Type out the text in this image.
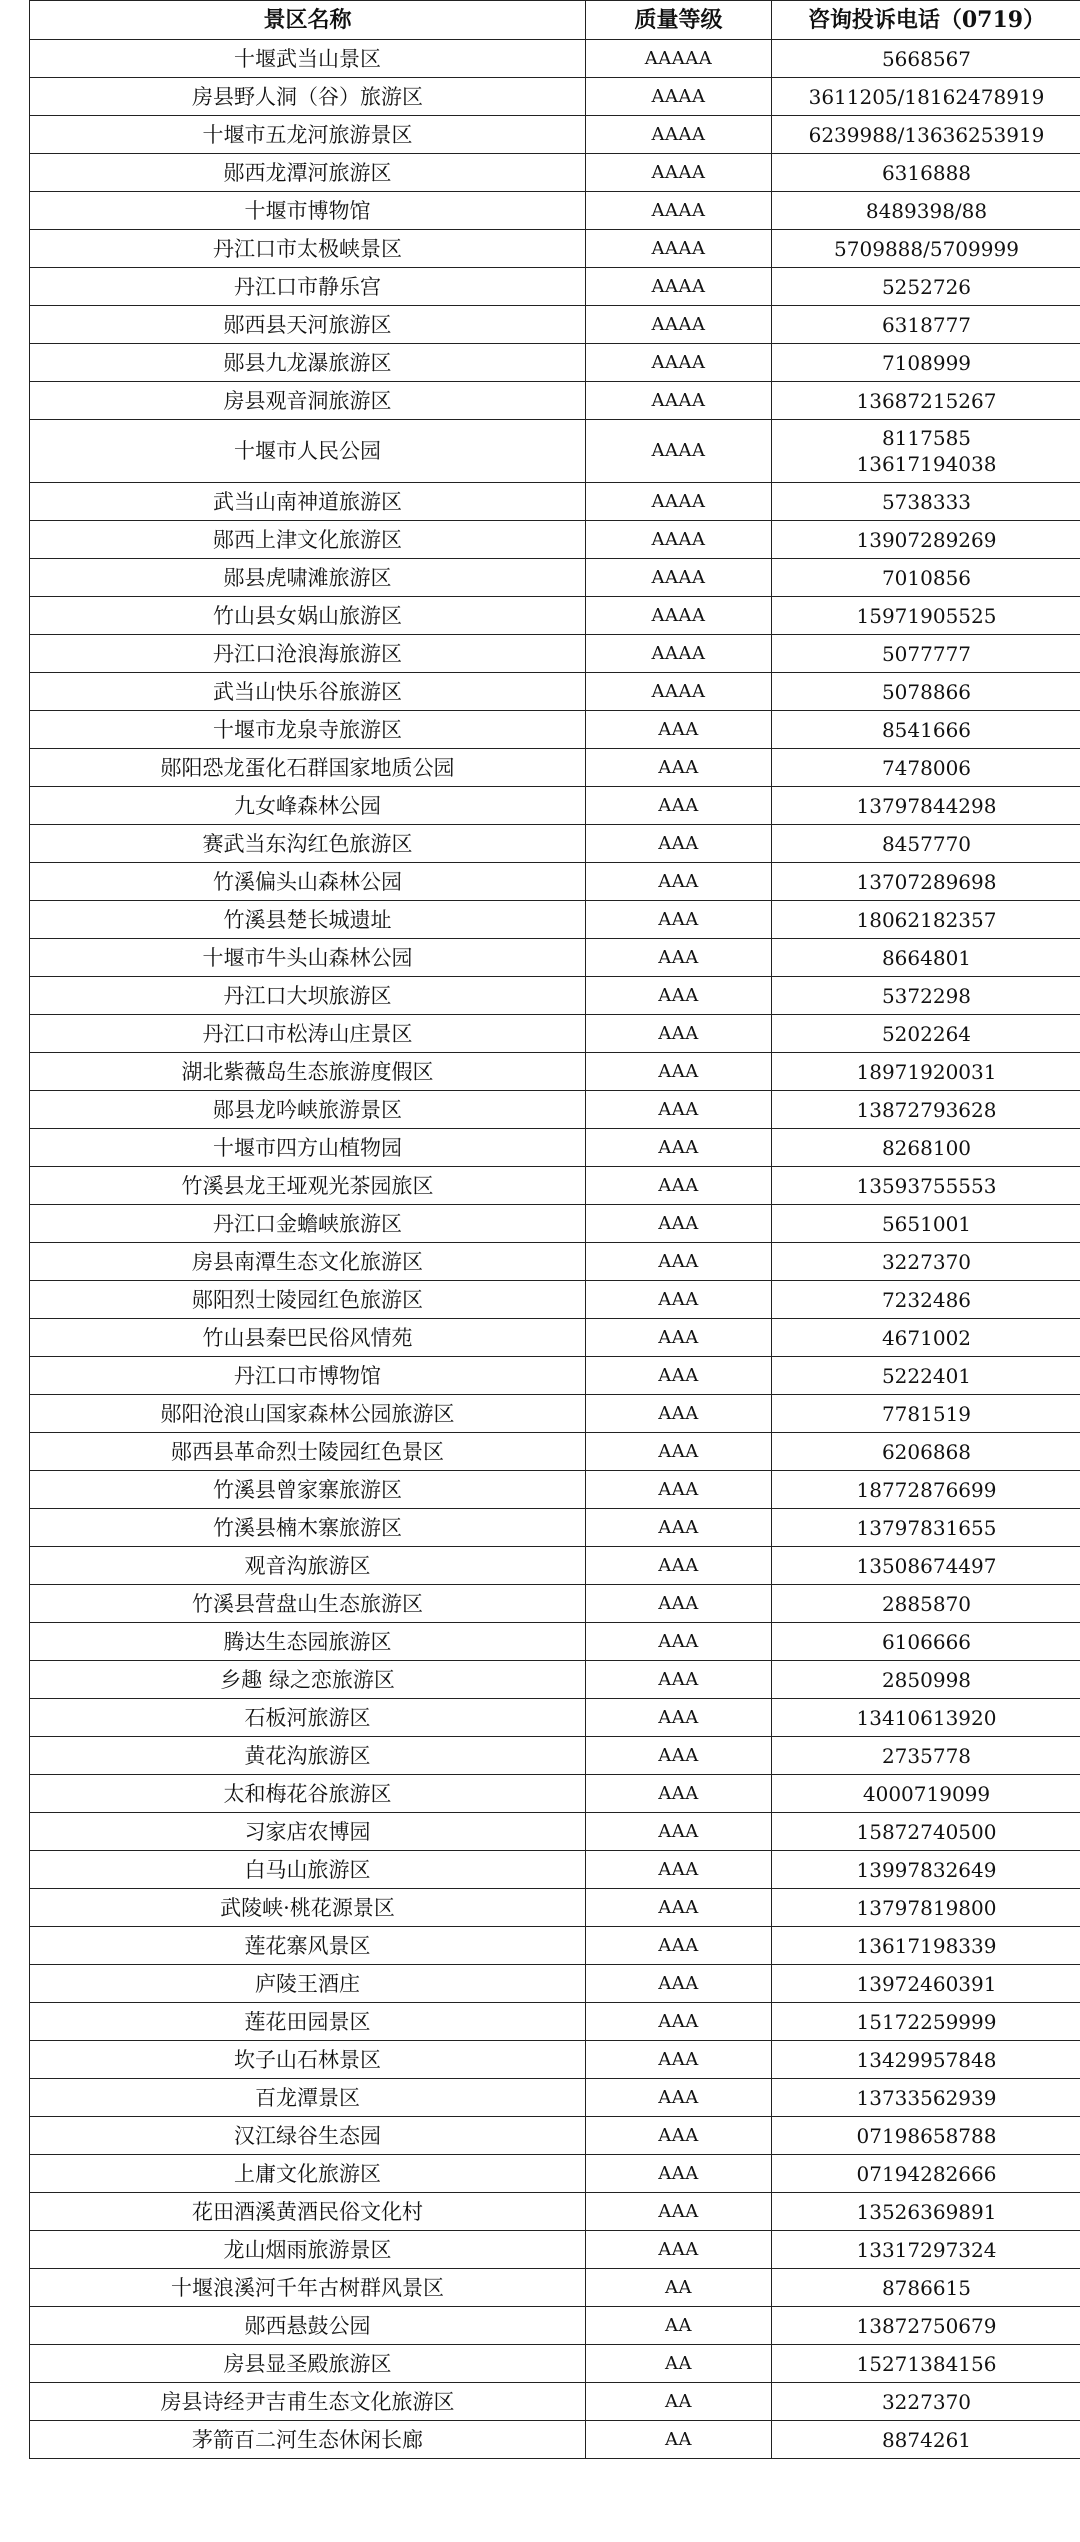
景区名称	质量等级	咨询投诉电话（0719）
十堰武当山景区	AAAAA	5668567

房县野人洞（谷）旅游区	AAAA	3611205/18162478919

十堰市五龙河旅游景区	AAAA	6239988/13636253919

郧西龙潭河旅游区	AAAA	6316888

十堰市博物馆	AAAA	8489398/88

丹江口市太极峡景区	AAAA	5709888/5709999

丹江口市静乐宫	AAAA	5252726

郧西县天河旅游区	AAAA	6318777

郧县九龙瀑旅游区	AAAA	7108999

房县观音洞旅游区	AAAA	13687215267

十堰市人民公园	AAAA	8117585
13617194038

武当山南神道旅游区	AAAA	5738333

郧西上津文化旅游区	AAAA	13907289269

郧县虎啸滩旅游区	AAAA	7010856

竹山县女娲山旅游区	AAAA	15971905525

丹江口沧浪海旅游区	AAAA	5077777

武当山快乐谷旅游区	AAAA	5078866

十堰市龙泉寺旅游区	AAA	8541666

郧阳恐龙蛋化石群国家地质公园	AAA	7478006

九女峰森林公园	AAA	13797844298

赛武当东沟红色旅游区	AAA	8457770

竹溪偏头山森林公园	AAA	13707289698

竹溪县楚长城遗址	AAA	18062182357

十堰市牛头山森林公园	AAA	8664801

丹江口大坝旅游区	AAA	5372298

丹江口市松涛山庄景区	AAA	5202264

湖北紫薇岛生态旅游度假区	AAA	18971920031

郧县龙吟峡旅游景区	AAA	13872793628

十堰市四方山植物园	AAA	8268100

竹溪县龙王垭观光茶园旅区	AAA	13593755553

丹江口金蟾峡旅游区	AAA	5651001

房县南潭生态文化旅游区	AAA	3227370

郧阳烈士陵园红色旅游区	AAA	7232486

竹山县秦巴民俗风情苑	AAA	4671002

丹江口市博物馆	AAA	5222401

郧阳沧浪山国家森林公园旅游区	AAA	7781519

郧西县革命烈士陵园红色景区	AAA	6206868

竹溪县曾家寨旅游区	AAA	18772876699

竹溪县楠木寨旅游区	AAA	13797831655

观音沟旅游区	AAA	13508674497

竹溪县营盘山生态旅游区	AAA	2885870

腾达生态园旅游区	AAA	6106666

乡趣 绿之恋旅游区	AAA	2850998

石板河旅游区	AAA	13410613920

黄花沟旅游区	AAA	2735778

太和梅花谷旅游区	AAA	4000719099

习家店农博园	AAA	15872740500

白马山旅游区	AAA	13997832649

武陵峡·桃花源景区	AAA	13797819800

莲花寨风景区	AAA	13617198339

庐陵王酒庄	AAA	13972460391

莲花田园景区	AAA	15172259999

坎子山石林景区	AAA	13429957848

百龙潭景区	AAA	13733562939

汉江绿谷生态园	AAA	07198658788

上庸文化旅游区	AAA	07194282666

花田酒溪黄酒民俗文化村	AAA	13526369891

龙山烟雨旅游景区	AAA	13317297324

十堰浪溪河千年古树群风景区	AA	8786615

郧西悬鼓公园	AA	13872750679

房县显圣殿旅游区	AA	15271384156

房县诗经尹吉甫生态文化旅游区	AA	3227370

茅箭百二河生态休闲长廊	AA	8874261
